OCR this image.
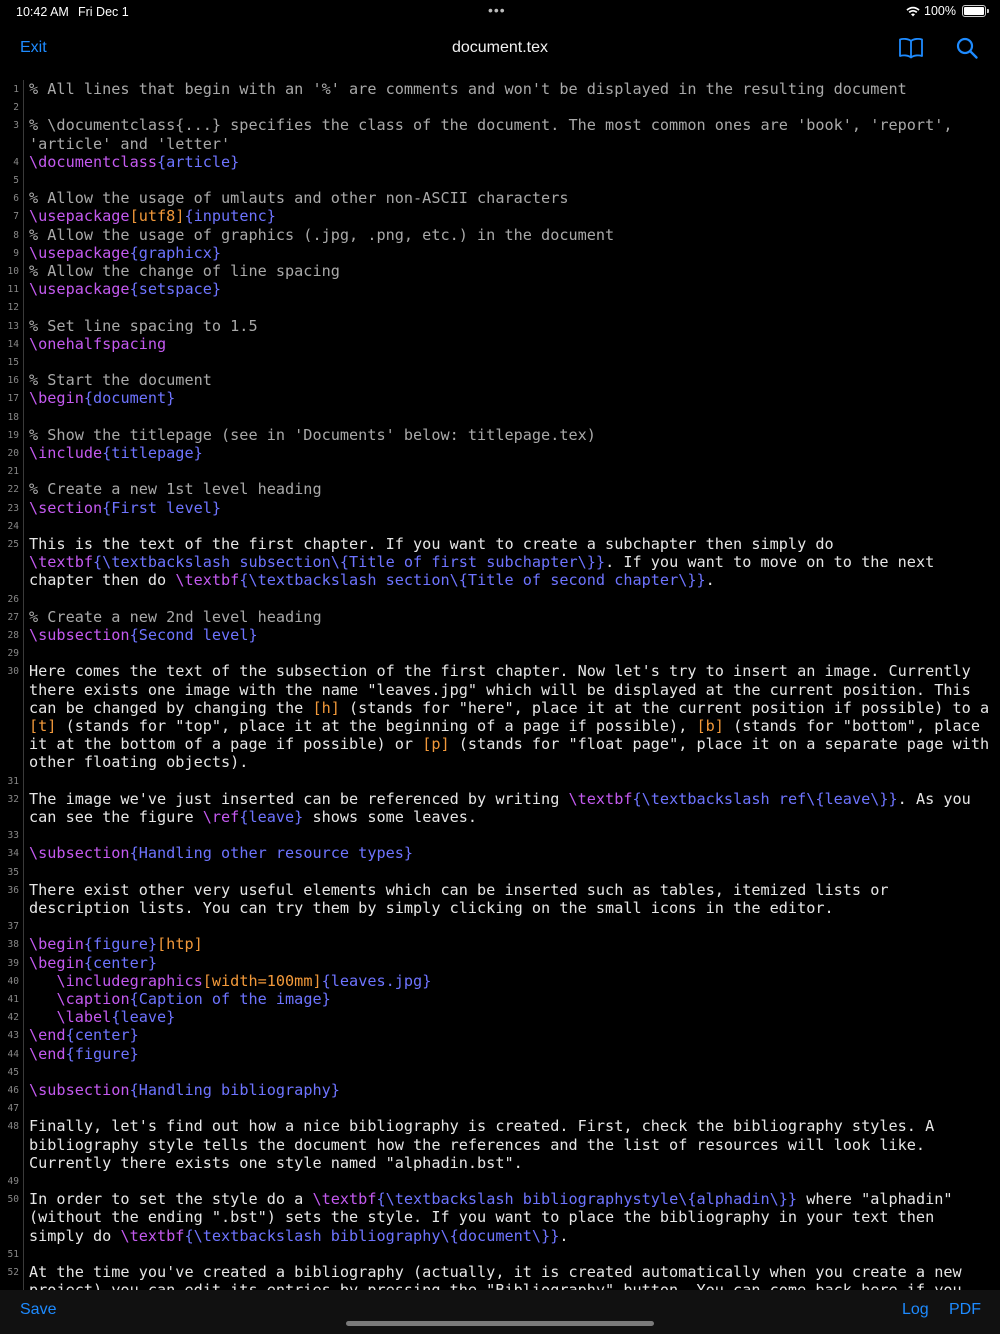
10:42 AM Fri Dec 1	•••	100%
Exit	document.tex
1 % All lines that begin with an '%' are comments and won't be displayed in the resulting document
2
3 % \documentclass{...} specifies the class of the document. The most common ones are 'book', 'report', 'article' and 'letter'
4 \documentclass{article}
5
6 % Allow the usage of umlauts and other non-ASCII characters
7 \usepackage[utf8]{inputenc}
8 % Allow the usage of graphics (.jpg, .png, etc.) in the document
9 \usepackage{graphicx}
10 % Allow the change of line spacing
11 \usepackage{setspace}
12
13 % Set line spacing to 1.5
14 \onehalfspacing
15
16 % Start the document
17 \begin{document}
18
19 % Show the titlepage (see in 'Documents' below: titlepage.tex)
20 \include{titlepage}
21
22 % Create a new 1st level heading
23 \section{First level}
24
25 This is the text of the first chapter. If you want to create a subchapter then simply do \textbf{\textbackslash subsection\{Title of first subchapter\}}. If you want to move on to the next chapter then do \textbf{\textbackslash section\{Title of second chapter\}}.
26
27 % Create a new 2nd level heading
28 \subsection{Second level}
29
30 Here comes the text of the subsection of the first chapter. Now let's try to insert an image. Currently there exists one image with the name "leaves.jpg" which will be displayed at the current position. This can be changed by changing the [h] (stands for "here", place it at the current position if possible) to a [t] (stands for "top", place it at the beginning of a page if possible), [b] (stands for "bottom", place it at the bottom of a page if possible) or [p] (stands for "float page", place it on a separate page with other floating objects).
31
32 The image we've just inserted can be referenced by writing \textbf{\textbackslash ref\{leave\}}. As you can see the figure \ref{leave} shows some leaves.
33
34 \subsection{Handling other resource types}
35
36 There exist other very useful elements which can be inserted such as tables, itemized lists or description lists. You can try them by simply clicking on the small icons in the editor.
37
38 \begin{figure}[htp]
39 \begin{center}
40	\includegraphics[width=100mm]{leaves.jpg}
41	\caption{Caption of the image}
42	\label{leave}
43 \end{center}
44 \end{figure}
45
46 \subsection{Handling bibliography}
47
48 Finally, let's find out how a nice bibliography is created. First, check the bibliography styles. A bibliography style tells the document how the references and the list of resources will look like. Currently there exists one style named "alphadin.bst".
49
50 In order to set the style do a \textbf{\textbackslash bibliographystyle\{alphadin\}} where "alphadin" (without the ending ".bst") sets the style. If you want to place the bibliography in your text then simply do \textbf{\textbackslash bibliography\{document\}}.
51
52 At the time you've created a bibliography (actually, it is created automatically when you create a new
Save	Log PDF
